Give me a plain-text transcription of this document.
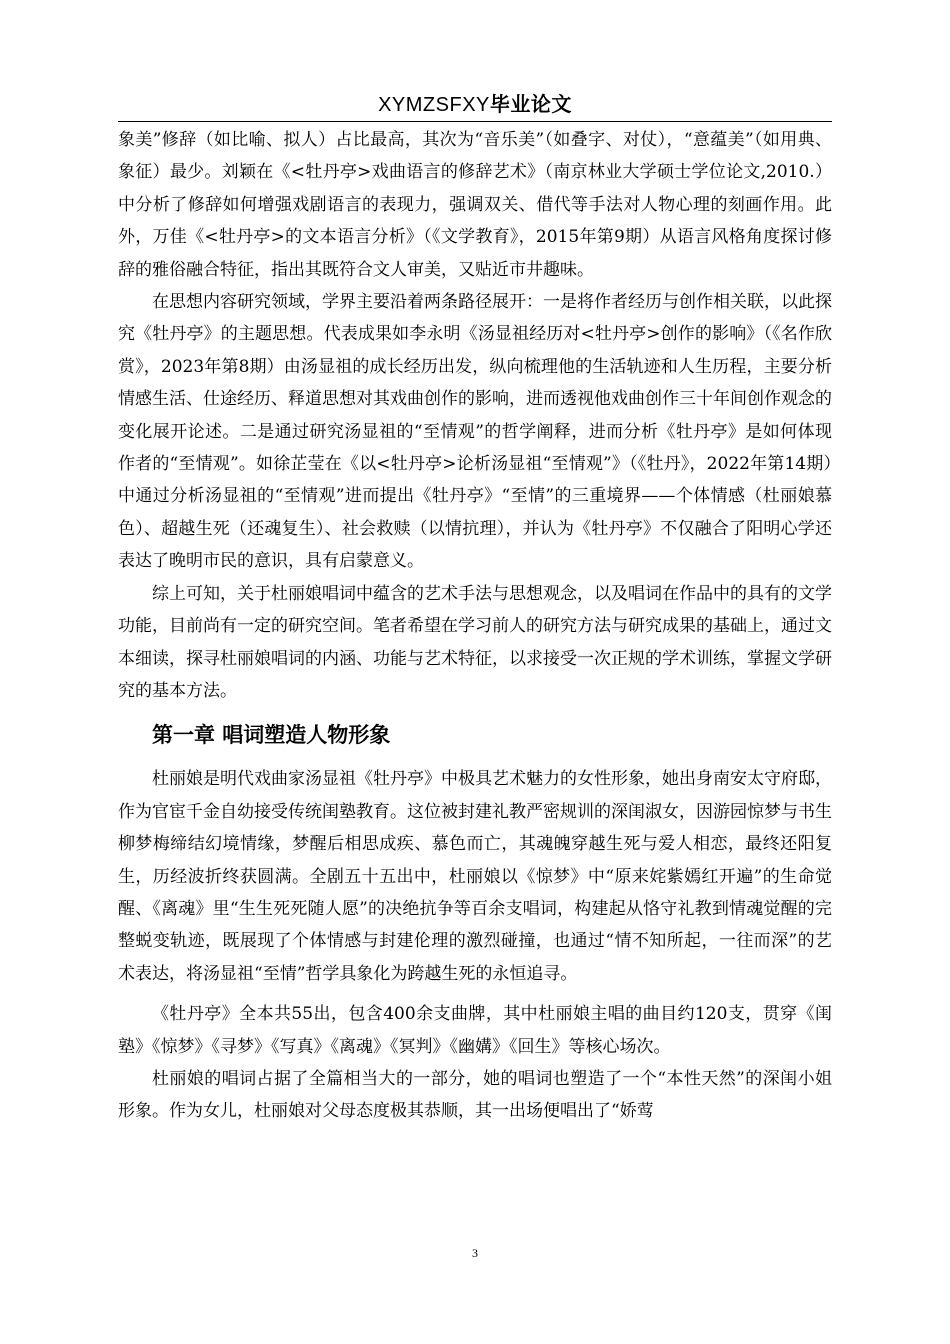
XYMZSFXY毕业论文

象美”修辞（如比喻、拟人）占比最高，其次为“音乐美”（如叠字、对仗），“意蕴美”（如用典、象征）最少。刘颖在《<牡丹亭>戏曲语言的修辞艺术》（南京林业大学硕士学位论文,2010.）中分析了修辞如何增强戏剧语言的表现力，强调双关、借代等手法对人物心理的刻画作用。此外，万佳《<牡丹亭>的文本语言分析》（《文学教育》，2015年第9期）从语言风格角度探讨修辞的雅俗融合特征，指出其既符合文人审美，又贴近市井趣味。

在思想内容研究领域，学界主要沿着两条路径展开：一是将作者经历与创作相关联，以此探究《牡丹亭》的主题思想。代表成果如李永明《汤显祖经历对<牡丹亭>创作的影响》（《名作欣赏》，2023年第8期）由汤显祖的成长经历出发，纵向梳理他的生活轨迹和人生历程，主要分析情感生活、仕途经历、释道思想对其戏曲创作的影响，进而透视他戏曲创作三十年间创作观念的变化展开论述。二是通过研究汤显祖的“至情观”的哲学阐释，进而分析《牡丹亭》是如何体现作者的“至情观”。如徐芷莹在《以<牡丹亭>论析汤显祖“至情观”》（《牡丹》，2022年第14期）中通过分析汤显祖的“至情观”进而提出《牡丹亭》“至情”的三重境界——个体情感（杜丽娘慕色）、超越生死（还魂复生）、社会救赎（以情抗理），并认为《牡丹亭》不仅融合了阳明心学还表达了晚明市民的意识，具有启蒙意义。

综上可知，关于杜丽娘唱词中蕴含的艺术手法与思想观念，以及唱词在作品中的具有的文学功能，目前尚有一定的研究空间。笔者希望在学习前人的研究方法与研究成果的基础上，通过文本细读，探寻杜丽娘唱词的内涵、功能与艺术特征，以求接受一次正规的学术训练，掌握文学研究的基本方法。

第一章 唱词塑造人物形象

杜丽娘是明代戏曲家汤显祖《牡丹亭》中极具艺术魅力的女性形象，她出身南安太守府邸，作为官宦千金自幼接受传统闺塾教育。这位被封建礼教严密规训的深闺淑女，因游园惊梦与书生柳梦梅缔结幻境情缘，梦醒后相思成疾、慕色而亡，其魂魄穿越生死与爱人相恋，最终还阳复生，历经波折终获圆满。全剧五十五出中，杜丽娘以《惊梦》中“原来姹紫嫣红开遍”的生命觉醒、《离魂》里“生生死死随人愿”的决绝抗争等百余支唱词，构建起从恪守礼教到情魂觉醒的完整蜕变轨迹，既展现了个体情感与封建伦理的激烈碰撞，也通过“情不知所起，一往而深”的艺术表达，将汤显祖“至情”哲学具象化为跨越生死的永恒追寻。

《牡丹亭》全本共55出，包含400余支曲牌，其中杜丽娘主唱的曲目约120支，贯穿《闺塾》《惊梦》《寻梦》《写真》《离魂》《冥判》《幽媾》《回生》等核心场次。

杜丽娘的唱词占据了全篇相当大的一部分，她的唱词也塑造了一个“本性天然”的深闺小姐形象。作为女儿，杜丽娘对父母态度极其恭顺，其一出场便唱出了“娇莺

3
